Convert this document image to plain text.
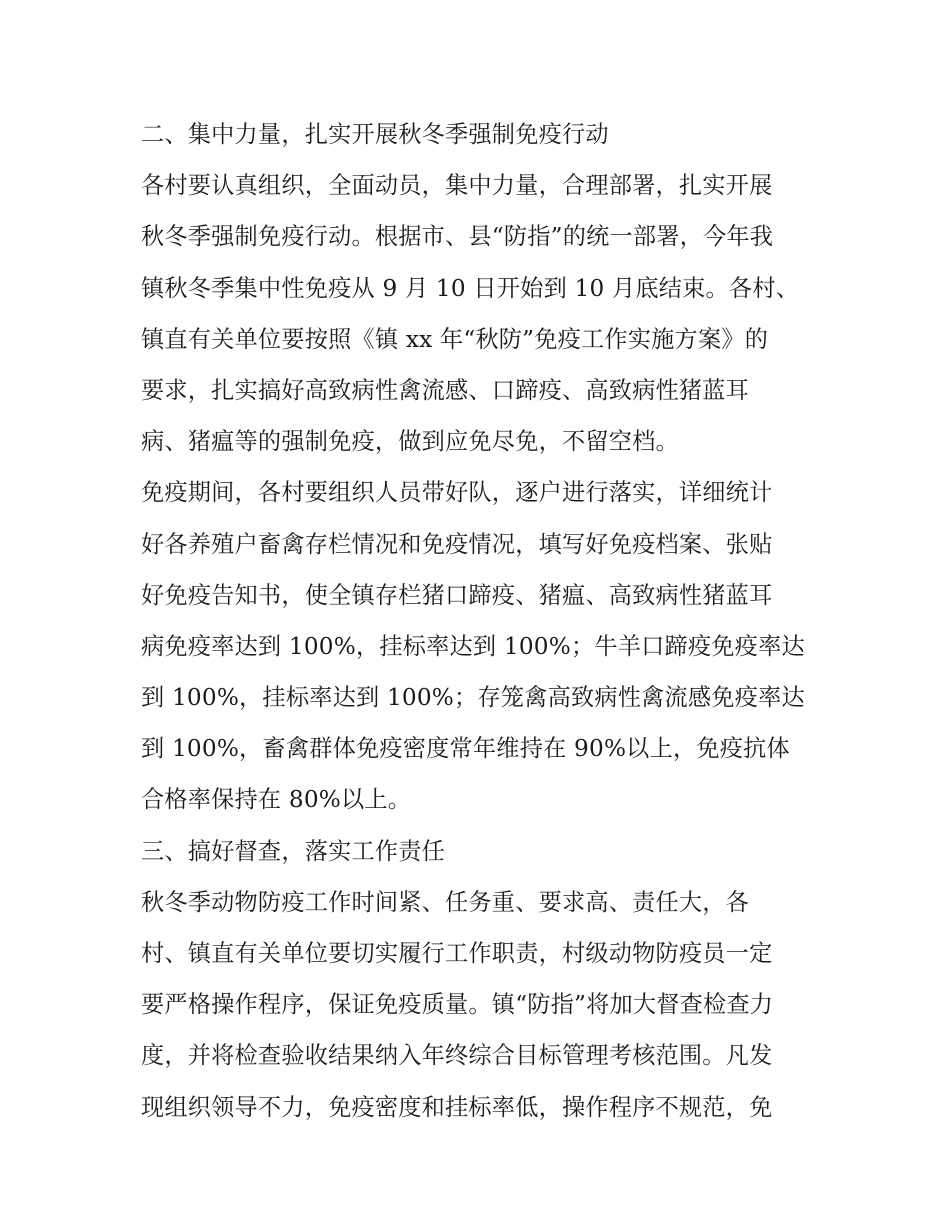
二、集中力量，扎实开展秋冬季强制免疫行动
各村要认真组织，全面动员，集中力量，合理部署，扎实开展
秋冬季强制免疫行动。根据市、县“防指”的统一部署，今年我
镇秋冬季集中性免疫从 9 月 10 日开始到 10 月底结束。各村、
镇直有关单位要按照《镇 xx 年“秋防”免疫工作实施方案》的
要求，扎实搞好高致病性禽流感、口蹄疫、高致病性猪蓝耳
病、猪瘟等的强制免疫，做到应免尽免，不留空档。
免疫期间，各村要组织人员带好队，逐户进行落实，详细统计
好各养殖户畜禽存栏情况和免疫情况，填写好免疫档案、张贴
好免疫告知书，使全镇存栏猪口蹄疫、猪瘟、高致病性猪蓝耳
病免疫率达到 100%，挂标率达到 100%；牛羊口蹄疫免疫率达
到 100%，挂标率达到 100%；存笼禽高致病性禽流感免疫率达
到 100%，畜禽群体免疫密度常年维持在 90%以上，免疫抗体
合格率保持在 80%以上。
三、搞好督查，落实工作责任
秋冬季动物防疫工作时间紧、任务重、要求高、责任大，各
村、镇直有关单位要切实履行工作职责，村级动物防疫员一定
要严格操作程序，保证免疫质量。镇“防指”将加大督查检查力
度，并将检查验收结果纳入年终综合目标管理考核范围。凡发
现组织领导不力，免疫密度和挂标率低，操作程序不规范，免
